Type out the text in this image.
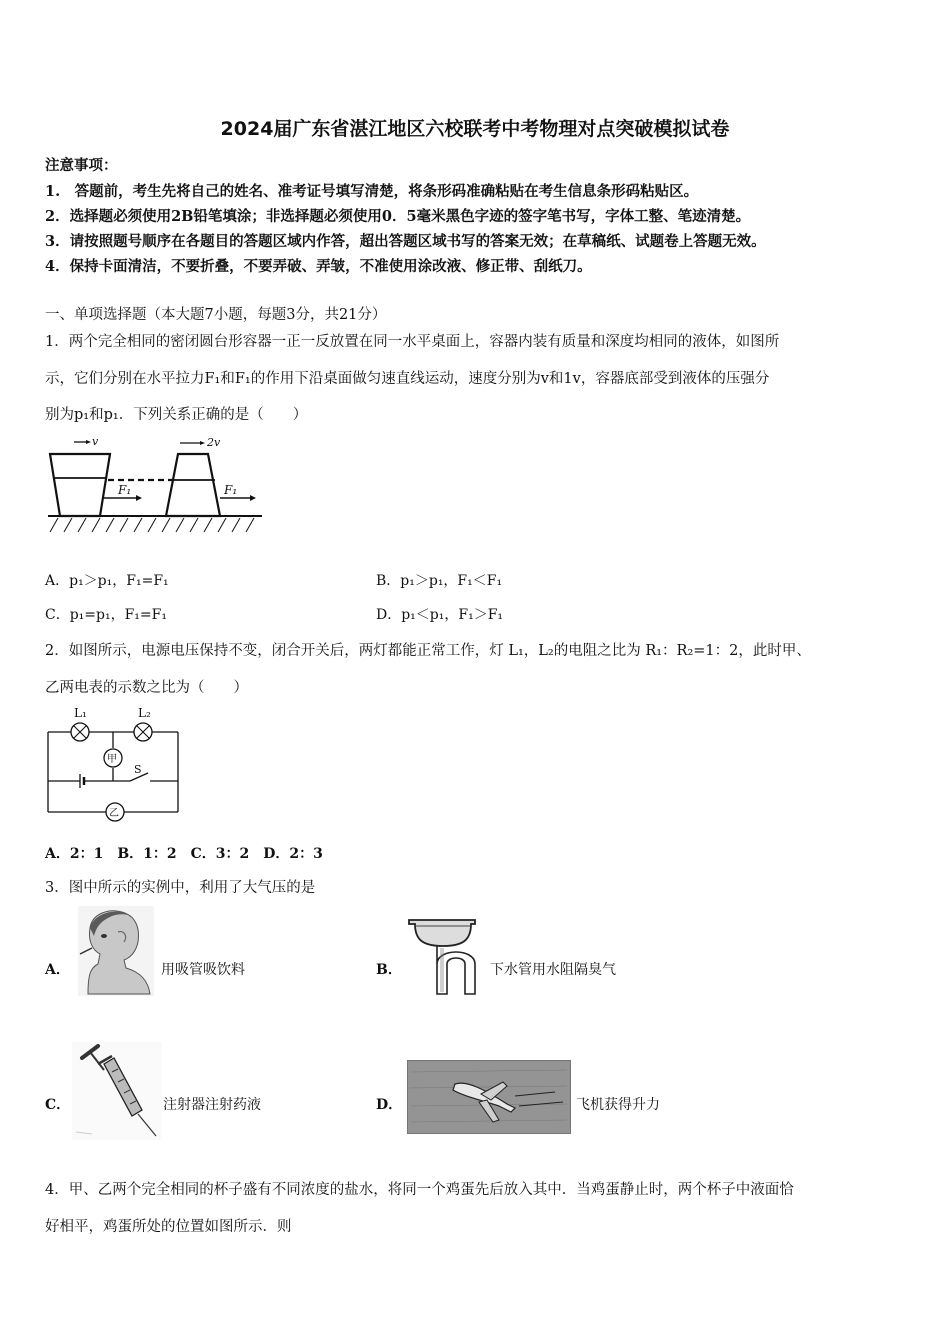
2024届广东省湛江地区六校联考中考物理对点突破模拟试卷
注意事项：
1.　答题前，考生先将自己的姓名、准考证号填写清楚，将条形码准确粘贴在考生信息条形码粘贴区。
2．选择题必须使用2B铅笔填涂；非选择题必须使用0．5毫米黑色字迹的签字笔书写，字体工整、笔迹清楚。
3．请按照题号顺序在各题目的答题区域内作答，超出答题区域书写的答案无效；在草稿纸、试题卷上答题无效。
4．保持卡面清洁，不要折叠，不要弄破、弄皱，不准使用涂改液、修正带、刮纸刀。
一、单项选择题（本大题7小题，每题3分，共21分）
1．两个完全相同的密闭圆台形容器一正一反放置在同一水平桌面上，容器内装有质量和深度均相同的液体，如图所
示，它们分别在水平拉力F₁和F₁的作用下沿桌面做匀速直线运动，速度分别为v和1v，容器底部受到液体的压强分
别为p₁和p₁．下列关系正确的是（　　）
v	2v
F₁	F₁
A．p₁＞p₁，F₁=F₁	B．p₁＞p₁，F₁＜F₁
C．p₁=p₁，F₁=F₁	D．p₁＜p₁，F₁＞F₁
2．如图所示，电源电压保持不变，闭合开关后，两灯都能正常工作，灯 L₁，L₂的电阻之比为 R₁：R₂=1：2，此时甲、
乙两电表的示数之比为（　　）
L₁	L₂
甲
乙
S
A．2：1　B．1：2　C．3：2　D．2：3
3．图中所示的实例中，利用了大气压的是
A．	用吸管吸饮料	B．	下水管用水阻隔臭气
C．	注射器注射药液	D．	飞机获得升力
4．甲、乙两个完全相同的杯子盛有不同浓度的盐水，将同一个鸡蛋先后放入其中．当鸡蛋静止时，两个杯子中液面恰
好相平，鸡蛋所处的位置如图所示．则
